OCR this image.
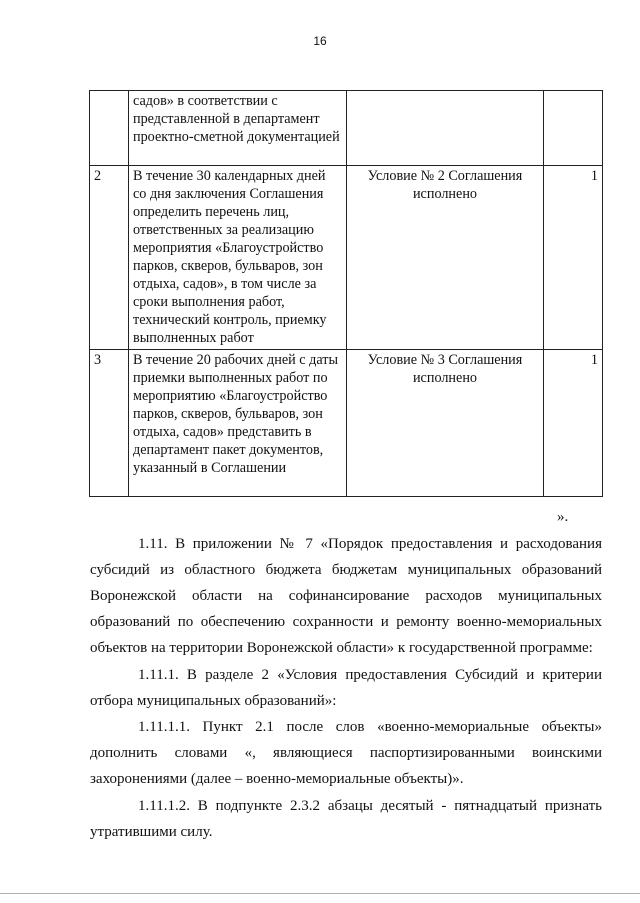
16
	садов» в соответствии с представленной в департамент проектно-сметной документацией		
2	В течение 30 календарных дней со дня заключения Соглашения определить перечень лиц, ответственных за реализацию мероприятия «Благоустройство парков, скверов, бульваров, зон отдыха, садов», в том числе за сроки выполнения работ, технический контроль, приемку выполненных работ	Условие № 2 Соглашения исполнено	1
3	В течение 20 рабочих дней с даты приемки выполненных работ по мероприятию «Благоустройство парков, скверов, бульваров, зон отдыха, садов» представить в департамент пакет документов, указанный в Соглашении	Условие № 3 Соглашения исполнено	1
».

1.11. В приложении № 7 «Порядок предоставления и расходования субсидий из областного бюджета бюджетам муниципальных образований Воронежской области на софинансирование расходов муниципальных образований по обеспечению сохранности и ремонту военно-мемориальных объектов на территории Воронежской области» к государственной программе:

1.11.1. В разделе 2 «Условия предоставления Субсидий и критерии отбора муниципальных образований»:

1.11.1.1. Пункт 2.1 после слов «военно-мемориальные объекты» дополнить словами «, являющиеся паспортизированными воинскими захоронениями (далее – военно-мемориальные объекты)».

1.11.1.2. В подпункте 2.3.2 абзацы десятый - пятнадцатый признать утратившими силу.
